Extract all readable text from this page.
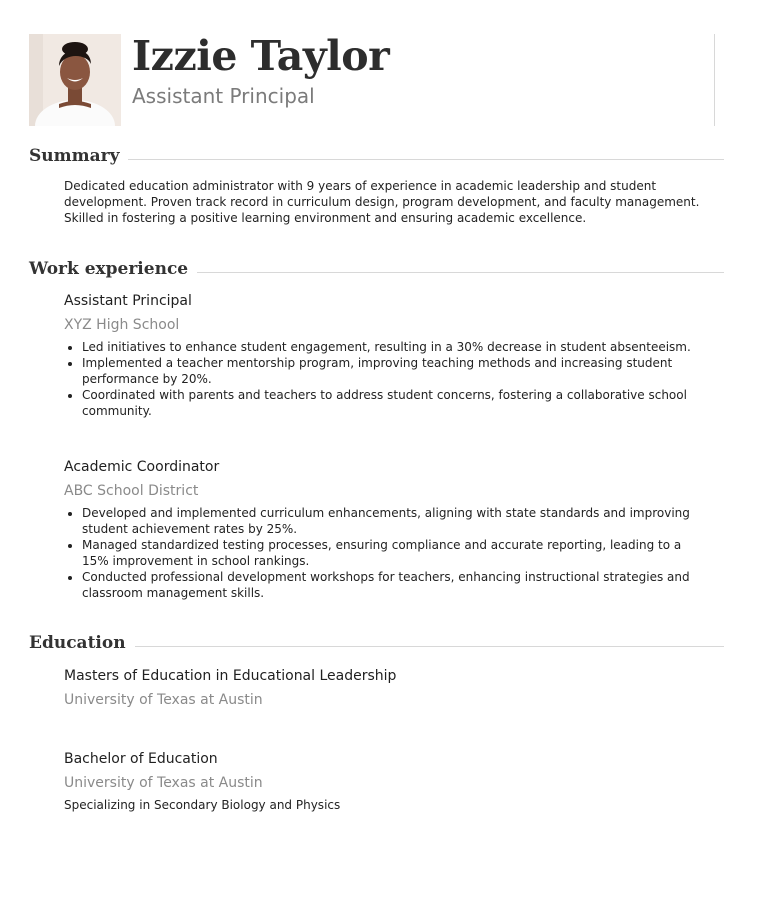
Izzie Taylor
Assistant Principal
Summary

Dedicated education administrator with 9 years of experience in academic leadership and student development. Proven track record in curriculum design, program development, and faculty management. Skilled in fostering a positive learning environment and ensuring academic excellence.

Work experience
Assistant Principal
XYZ High School
• Led initiatives to enhance student engagement, resulting in a 30% decrease in student absenteeism.
• Implemented a teacher mentorship program, improving teaching methods and increasing student performance by 20%.
• Coordinated with parents and teachers to address student concerns, fostering a collaborative school community.
Academic Coordinator
ABC School District
• Developed and implemented curriculum enhancements, aligning with state standards and improving student achievement rates by 25%.
• Managed standardized testing processes, ensuring compliance and accurate reporting, leading to a 15% improvement in school rankings.
• Conducted professional development workshops for teachers, enhancing instructional strategies and classroom management skills.
Education
Masters of Education in Educational Leadership
University of Texas at Austin
Bachelor of Education
University of Texas at Austin
Specializing in Secondary Biology and Physics
